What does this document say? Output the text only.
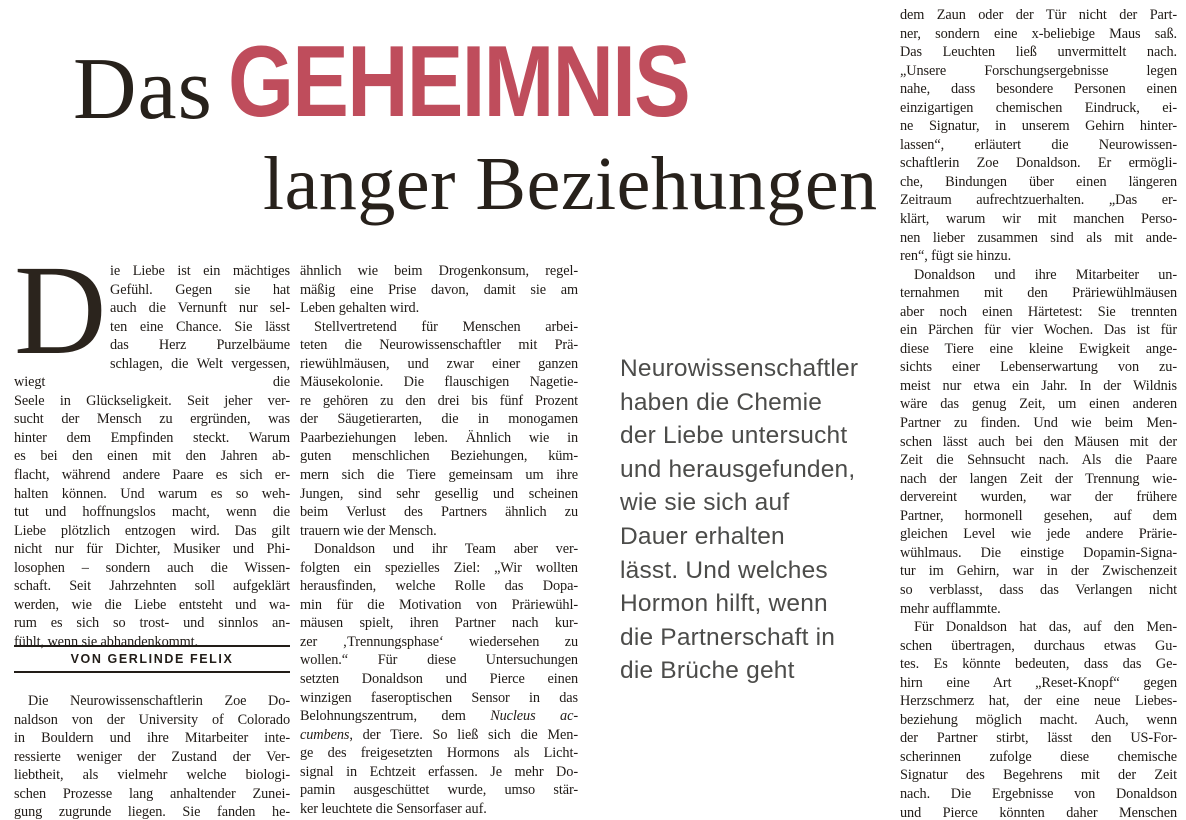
Das GEHEIMNIS
langer Beziehungen
D ie Liebe ist ein mächtiges
Gefühl. Gegen sie hat
auch die Vernunft nur sel-
ten eine Chance. Sie lässt
das Herz Purzelbäume
schlagen, die Welt vergessen, wiegt die
Seele in Glückseligkeit. Seit jeher ver-
sucht der Mensch zu ergründen, was
hinter dem Empfinden steckt. Warum
es bei den einen mit den Jahren ab-
flacht, während andere Paare es sich er-
halten können. Und warum es so weh-
tut und hoffnungslos macht, wenn die
Liebe plötzlich entzogen wird. Das gilt
nicht nur für Dichter, Musiker und Phi-
losophen – sondern auch die Wissen-
schaft. Seit Jahrzehnten soll aufgeklärt
werden, wie die Liebe entsteht und wa-
rum es sich so trost- und sinnlos an-
fühlt, wenn sie abhandenkommt.
VON GERLINDE FELIX
Die Neurowissenschaftlerin Zoe Do-
naldson von der University of Colorado
in Bouldern und ihre Mitarbeiter inte-
ressierte weniger der Zustand der Ver-
liebtheit, als vielmehr welche biologi-
schen Prozesse lang anhaltender Zunei-
gung zugrunde liegen. Sie fanden he-
ähnlich wie beim Drogenkonsum, regel-
mäßig eine Prise davon, damit sie am
Leben gehalten wird.
Stellvertretend für Menschen arbei-
teten die Neurowissenschaftler mit Prä-
riewühlmäusen, und zwar einer ganzen
Mäusekolonie. Die flauschigen Nagetie-
re gehören zu den drei bis fünf Prozent
der Säugetierarten, die in monogamen
Paarbeziehungen leben. Ähnlich wie in
guten menschlichen Beziehungen, küm-
mern sich die Tiere gemeinsam um ihre
Jungen, sind sehr gesellig und scheinen
beim Verlust des Partners ähnlich zu
trauern wie der Mensch.
Donaldson und ihr Team aber ver-
folgten ein spezielles Ziel: „Wir wollten
herausfinden, welche Rolle das Dopa-
min für die Motivation von Präriewühl-
mäusen spielt, ihren Partner nach kur-
zer ‚Trennungsphase‘ wiedersehen zu
wollen.“ Für diese Untersuchungen
setzten Donaldson und Pierce einen
winzigen faseroptischen Sensor in das
Belohnungszentrum, dem Nucleus ac-
cumbens, der Tiere. So ließ sich die Men-
ge des freigesetzten Hormons als Licht-
signal in Echtzeit erfassen. Je mehr Do-
pamin ausgeschüttet wurde, umso stär-
ker leuchtete die Sensorfaser auf.
Neurowissenschaftler
haben die Chemie
der Liebe untersucht
und herausgefunden,
wie sie sich auf
Dauer erhalten
lässt. Und welches
Hormon hilft, wenn
die Partnerschaft in
die Brüche geht
dem Zaun oder der Tür nicht der Part-
ner, sondern eine x-beliebige Maus saß.
Das Leuchten ließ unvermittelt nach.
„Unsere Forschungsergebnisse legen
nahe, dass besondere Personen einen
einzigartigen chemischen Eindruck, ei-
ne Signatur, in unserem Gehirn hinter-
lassen“, erläutert die Neurowissen-
schaftlerin Zoe Donaldson. Er ermögli-
che, Bindungen über einen längeren
Zeitraum aufrechtzuerhalten. „Das er-
klärt, warum wir mit manchen Perso-
nen lieber zusammen sind als mit ande-
ren“, fügt sie hinzu.
Donaldson und ihre Mitarbeiter un-
ternahmen mit den Präriewühlmäusen
aber noch einen Härtetest: Sie trennten
ein Pärchen für vier Wochen. Das ist für
diese Tiere eine kleine Ewigkeit ange-
sichts einer Lebenserwartung von zu-
meist nur etwa ein Jahr. In der Wildnis
wäre das genug Zeit, um einen anderen
Partner zu finden. Und wie beim Men-
schen lässt auch bei den Mäusen mit der
Zeit die Sehnsucht nach. Als die Paare
nach der langen Zeit der Trennung wie-
dervereint wurden, war der frühere
Partner, hormonell gesehen, auf dem
gleichen Level wie jede andere Prärie-
wühlmaus. Die einstige Dopamin-Signa-
tur im Gehirn, war in der Zwischenzeit
so verblasst, dass das Verlangen nicht
mehr aufflammte.
Für Donaldson hat das, auf den Men-
schen übertragen, durchaus etwas Gu-
tes. Es könnte bedeuten, dass das Ge-
hirn eine Art „Reset-Knopf“ gegen
Herzschmerz hat, der eine neue Liebes-
beziehung möglich macht. Auch, wenn
der Partner stirbt, lässt den US-For-
scherinnen zufolge diese chemische
Signatur des Begehrens mit der Zeit
nach. Die Ergebnisse von Donaldson
und Pierce könnten daher Menschen
